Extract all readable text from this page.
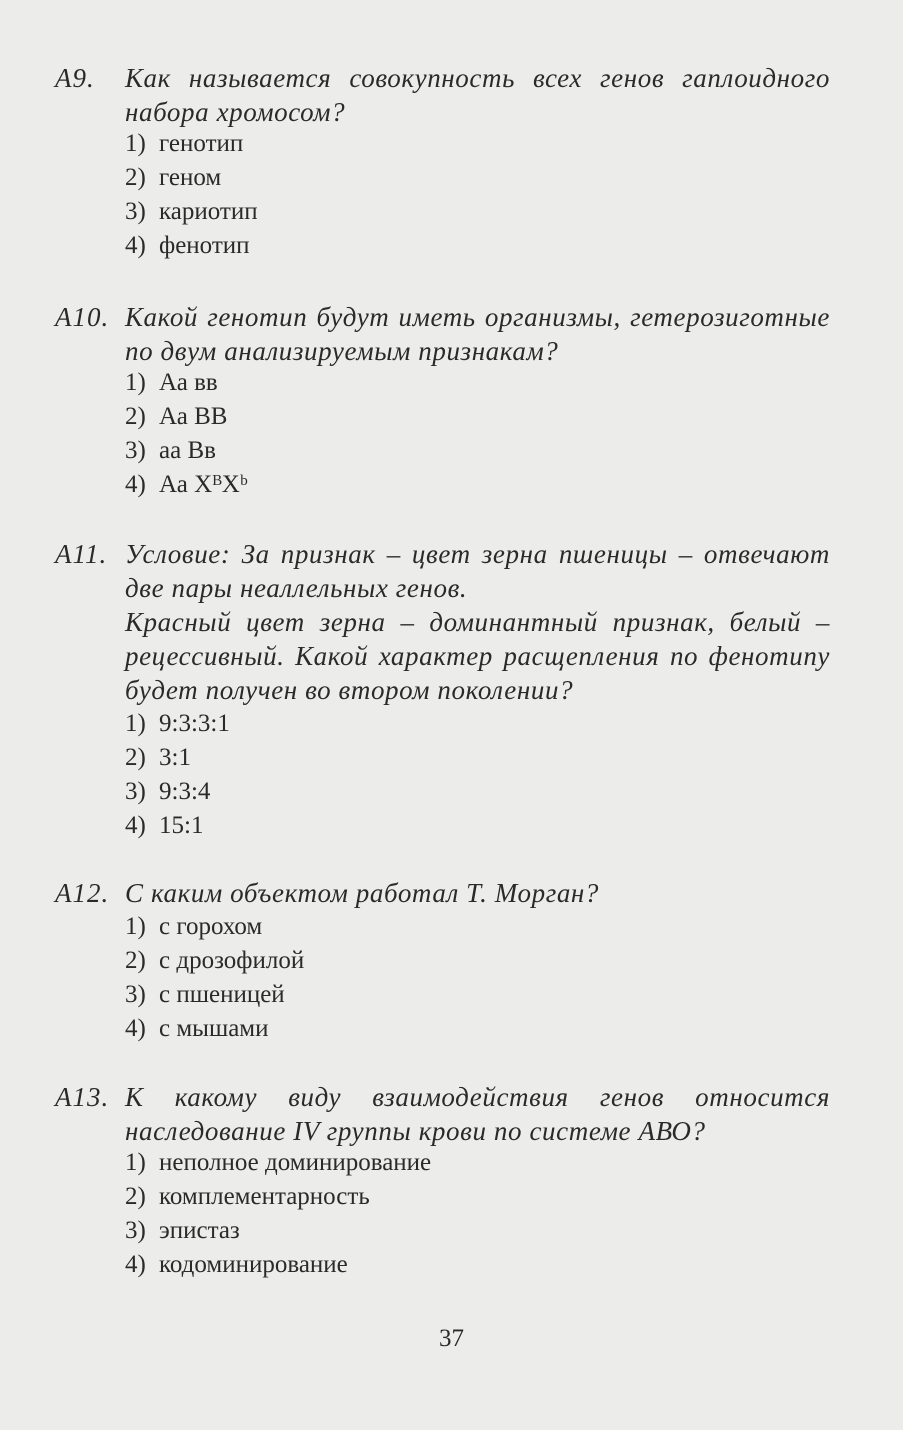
А9. Как называется совокупность всех генов гаплоидного набора хромосом?

1) генотип
2) геном
3) кариотип
4) фенотип
А10. Какой генотип будут иметь организмы, гетерозиготные по двум анализируемым признакам?

1) Аа вв
2) Аа ВВ
3) аа Вв
4) Аа XᴮXᵇ
А11. Условие: За признак – цвет зерна пшеницы – отвечают две пары неаллельных генов.

Красный цвет зерна – доминантный признак, белый – рецессивный. Какой характер расщепления по фенотипу будет получен во втором поколении?

1) 9:3:3:1
2) 3:1
3) 9:3:4
4) 15:1
А12. С каким объектом работал Т. Морган?

1) с горохом
2) с дрозофилой
3) с пшеницей
4) с мышами
А13. К какому виду взаимодействия генов относится наследование IV группы крови по системе АВО?

1) неполное доминирование
2) комплементарность
3) эпистаз
4) кодоминирование
37
